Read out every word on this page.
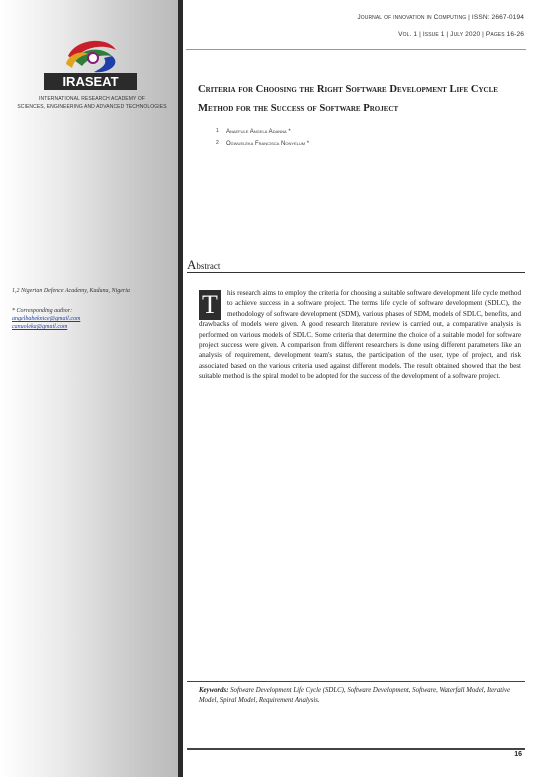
Journal of innovation in Computing | ISSN: 2667-0194
Vol. 1 | Issue 1 | July 2020 | Pages 16-26
IRASEAT
INTERNATIONAL RESEARCH ACADEMY OF
SCIENCES, ENGINEERING AND ADVANCED TECHNOLOGIES
Criteria for Choosing the Right Software Development Life Cycle Method for the Success of Software Project
1 Anaefule Angela Adanna *
2 Ogwueleka Francisca Nonyelum *
Abstract
1,2 Nigerian Defence Academy, Kaduna, Nigeria
* Corresponding author:
angelbabeknice@gmail.com
canuoleka@gmail.com
his research aims to employ the criteria for choosing a suitable software development life cycle method to achieve success in a software project. The terms life cycle of software development (SDLC), the methodology of software development (SDM), various phases of SDM, models of SDLC, benefits, and drawbacks of models were given. A good research literature review is carried out, a comparative analysis is performed on various models of SDLC. Some criteria that determine the choice of a suitable model for software project success were given. A comparison from different researchers is done using different parameters like an analysis of requirement, development team's status, the participation of the user, type of project, and risk associated based on the various criteria used against different models. The result obtained showed that the best suitable method is the spiral model to be adopted for the success of the development of a software project.
T
Keywords: Software Development Life Cycle (SDLC), Software Development, Software, Waterfall Model, Iterative Model, Spiral Model, Requirement Analysis.
16
